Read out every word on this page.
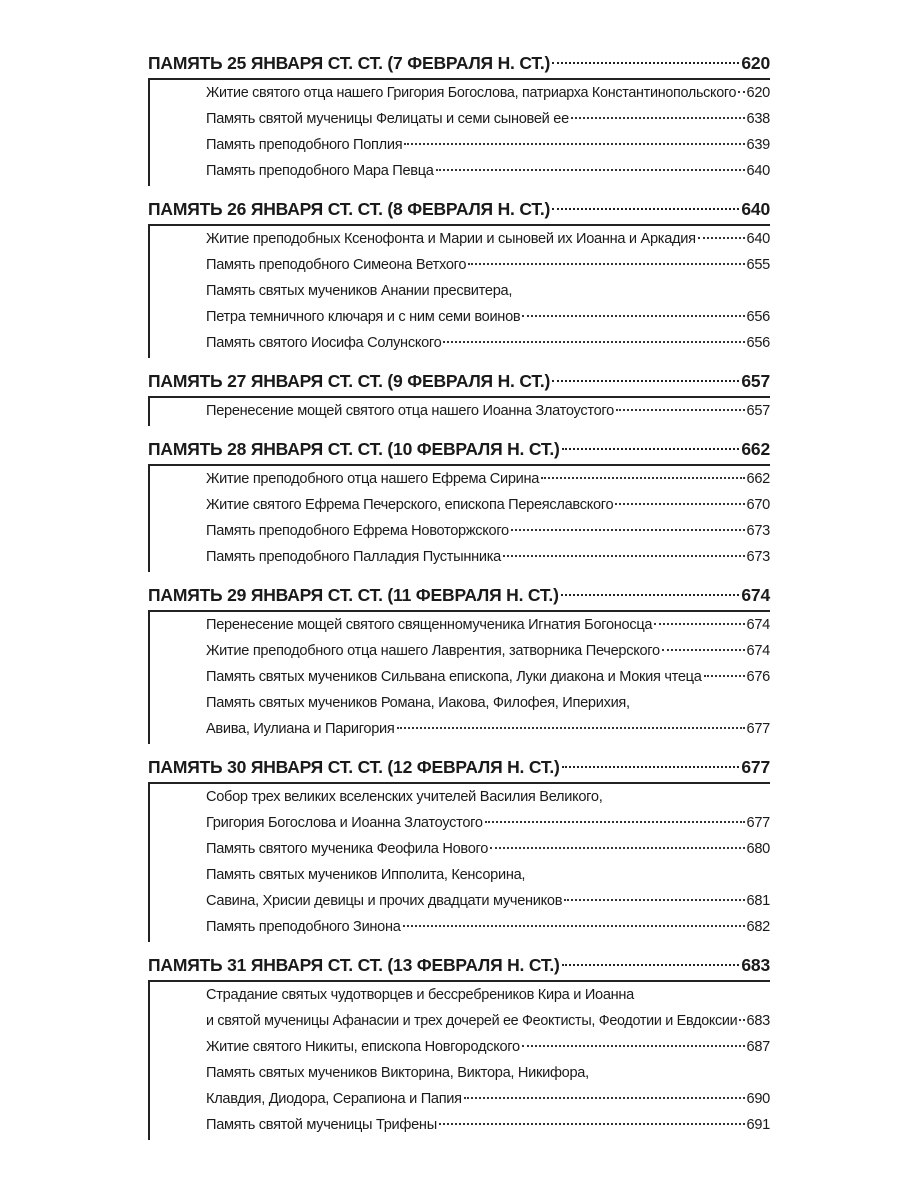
ПАМЯТЬ 25 ЯНВАРЯ СТ. СТ. (7 ФЕВРАЛЯ Н. СТ.)	620
Житие святого отца нашего Григория Богослова, патриарха Константинопольского 620
Память святой мученицы Фелицаты и семи сыновей ее	638
Память преподобного Поплия	639
Память преподобного Мара Певца	640
ПАМЯТЬ 26 ЯНВАРЯ СТ. СТ. (8 ФЕВРАЛЯ Н. СТ.)	640
Житие преподобных Ксенофонта и Марии и сыновей их Иоанна и Аркадия	640
Память преподобного Симеона Ветхого	655
Память святых мучеников Анании пресвитера,
Петра темничного ключаря и с ним семи воинов	656
Память святого Иосифа Солунского	656
ПАМЯТЬ 27 ЯНВАРЯ СТ. СТ. (9 ФЕВРАЛЯ Н. СТ.)	657
Перенесение мощей святого отца нашего Иоанна Златоустого	657
ПАМЯТЬ 28 ЯНВАРЯ СТ. СТ. (10 ФЕВРАЛЯ Н. СТ.)	662
Житие преподобного отца нашего Ефрема Сирина	662
Житие святого Ефрема Печерского, епископа Переяславского	670
Память преподобного Ефрема Новоторжского	673
Память преподобного Палладия Пустынника	673
ПАМЯТЬ 29 ЯНВАРЯ СТ. СТ. (11 ФЕВРАЛЯ Н. СТ.)	674
Перенесение мощей святого священномученика Игнатия Богоносца	674
Житие преподобного отца нашего Лаврентия, затворника Печерского	674
Память святых мучеников Сильвана епископа, Луки диакона и Мокия чтеца	676
Память святых мучеников Романа, Иакова, Филофея, Иперихия,
Авива, Иулиана и Паригория	677
ПАМЯТЬ 30 ЯНВАРЯ СТ. СТ. (12 ФЕВРАЛЯ Н. СТ.)	677
Собор трех великих вселенских учителей Василия Великого,
Григория Богослова и Иоанна Златоустого	677
Память святого мученика Феофила Нового	680
Память святых мучеников Ипполита, Кенсорина,
Савина, Хрисии девицы и прочих двадцати мучеников	681
Память преподобного Зинона	682
ПАМЯТЬ 31 ЯНВАРЯ СТ. СТ. (13 ФЕВРАЛЯ Н. СТ.)	683
Страдание святых чудотворцев и бессребреников Кира и Иоанна
и святой мученицы Афанасии и трех дочерей ее Феоктисты, Феодотии и Евдоксии 683
Житие святого Никиты, епископа Новгородского	687
Память святых мучеников Викторина, Виктора, Никифора,
Клавдия, Диодора, Серапиона и Папия	690
Память святой мученицы Трифены	691
